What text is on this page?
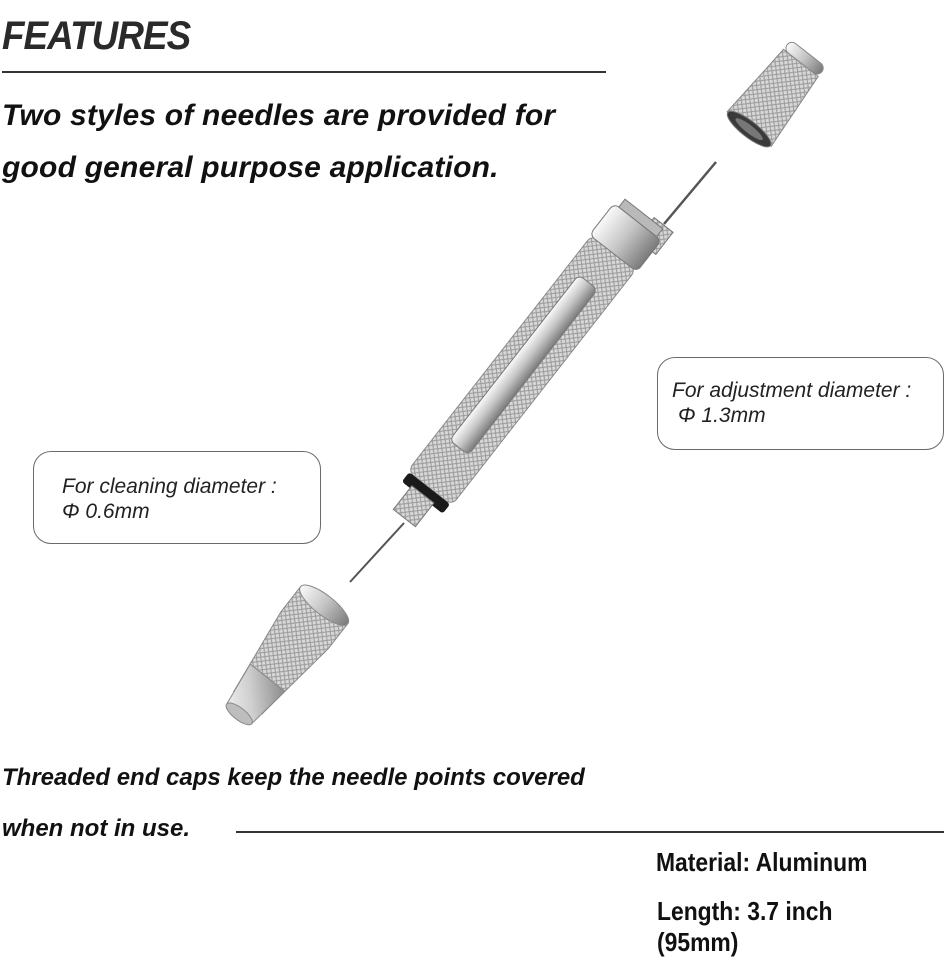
FEATURES
Two styles of needles are provided for
good general purpose application.
For adjustment diameter :
Φ 1.3mm
For cleaning diameter :
Φ 0.6mm
Threaded end caps keep the needle points covered
when not in use.
Material: Aluminum
Length: 3.7 inch (95mm)
